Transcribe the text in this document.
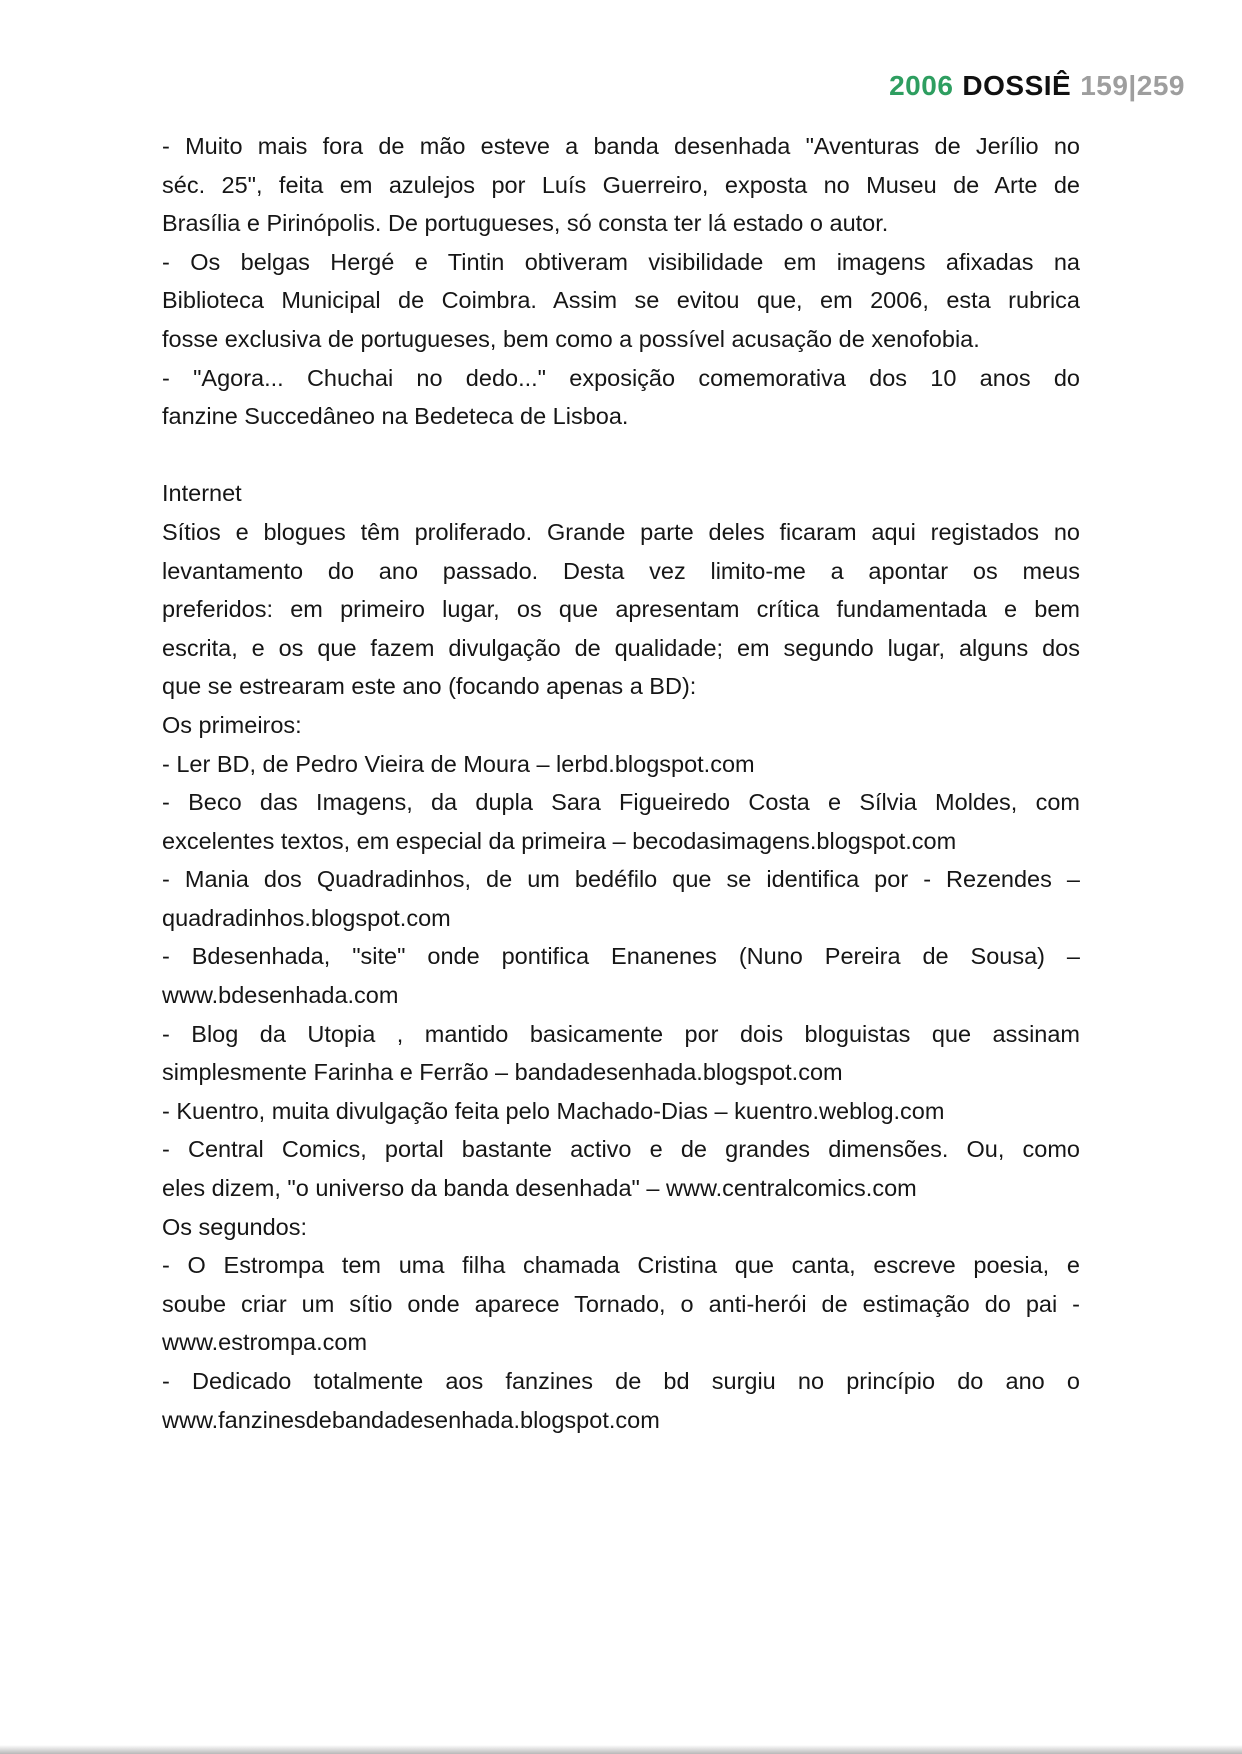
2006 DOSSIÊ 159|259
- Muito mais fora de mão esteve a banda desenhada "Aventuras de Jerílio no
séc. 25", feita em azulejos por Luís Guerreiro, exposta no Museu de Arte de
Brasília e Pirinópolis. De portugueses, só consta ter lá estado o autor.
- Os belgas Hergé e Tintin obtiveram visibilidade em imagens afixadas na
Biblioteca Municipal de Coimbra. Assim se evitou que, em 2006, esta rubrica
fosse exclusiva de portugueses, bem como a possível acusação de xenofobia.
- "Agora... Chuchai no dedo..." exposição comemorativa dos 10 anos do
fanzine Succedâneo na Bedeteca de Lisboa.
Internet
Sítios e blogues têm proliferado. Grande parte deles ficaram aqui registados no
levantamento do ano passado. Desta vez limito-me a apontar os meus
preferidos: em primeiro lugar, os que apresentam crítica fundamentada e bem
escrita, e os que fazem divulgação de qualidade; em segundo lugar, alguns dos
que se estrearam este ano (focando apenas a BD):
Os primeiros:
- Ler BD, de Pedro Vieira de Moura – lerbd.blogspot.com
- Beco das Imagens, da dupla Sara Figueiredo Costa e Sílvia Moldes, com
excelentes textos, em especial da primeira – becodasimagens.blogspot.com
- Mania dos Quadradinhos, de um bedéfilo que se identifica por - Rezendes –
quadradinhos.blogspot.com
- Bdesenhada, "site" onde pontifica Enanenes (Nuno Pereira de Sousa) –
www.bdesenhada.com
- Blog da Utopia , mantido basicamente por dois bloguistas que assinam
simplesmente Farinha e Ferrão – bandadesenhada.blogspot.com
- Kuentro, muita divulgação feita pelo Machado-Dias – kuentro.weblog.com
- Central Comics, portal bastante activo e de grandes dimensões. Ou, como
eles dizem, "o universo da banda desenhada" – www.centralcomics.com
Os segundos:
- O Estrompa tem uma filha chamada Cristina que canta, escreve poesia, e
soube criar um sítio onde aparece Tornado, o anti-herói de estimação do pai -
www.estrompa.com
- Dedicado totalmente aos fanzines de bd surgiu no princípio do ano o
www.fanzinesdebandadesenhada.blogspot.com
